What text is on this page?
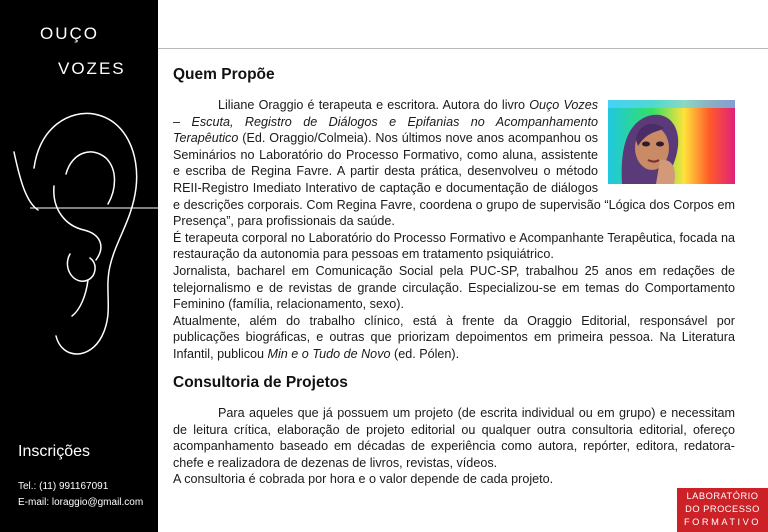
OUÇO
VOZES
Inscrições
Tel.: (11) 991167091
E-mail: loraggio@gmail.com
Quem Propõe

Liliane Oraggio é terapeuta e escritora. Autora do livro Ouço Vozes – Escuta, Registro de Diálogos e Epifanias no Acompanhamento Terapêutico (Ed. Oraggio/Colmeia). Nos últimos nove anos acompanhou os Seminários no Laboratório do Processo Formativo, como aluna, assistente e escriba de Regina Favre. A partir desta prática, desenvolveu o método REII-Registro Imediato Interativo de captação e documentação de diálogos e descrições corporais. Com Regina Favre, coordena o grupo de supervisão “Lógica dos Corpos em Presença”, para profissionais da saúde.

É terapeuta corporal no Laboratório do Processo Formativo e Acompanhante Terapêutica, focada na restauração da autonomia para pessoas em tratamento psiquiátrico.

Jornalista, bacharel em Comunicação Social pela PUC-SP, trabalhou 25 anos em redações de telejornalismo e de revistas de grande circulação. Especializou-se em temas do Comportamento Feminino (família, relacionamento, sexo).

Atualmente, além do trabalho clínico, está à frente da Oraggio Editorial, responsável por publicações biográficas, e outras que priorizam depoimentos em primeira pessoa. Na Literatura Infantil, publicou Min e o Tudo de Novo (ed. Pólen).

Consultoria de Projetos

Para aqueles que já possuem um projeto (de escrita individual ou em grupo) e necessitam de leitura crítica, elaboração de projeto editorial ou qualquer outra consultoria editorial, ofereço acompanhamento baseado em décadas de experiência como autora, repórter, editora, redatora-chefe e realizadora de dezenas de livros, revistas, vídeos.

A consultoria é cobrada por hora e o valor depende de cada projeto.

LABORATÓRIO
DO PROCESSO
FORMATIVO
